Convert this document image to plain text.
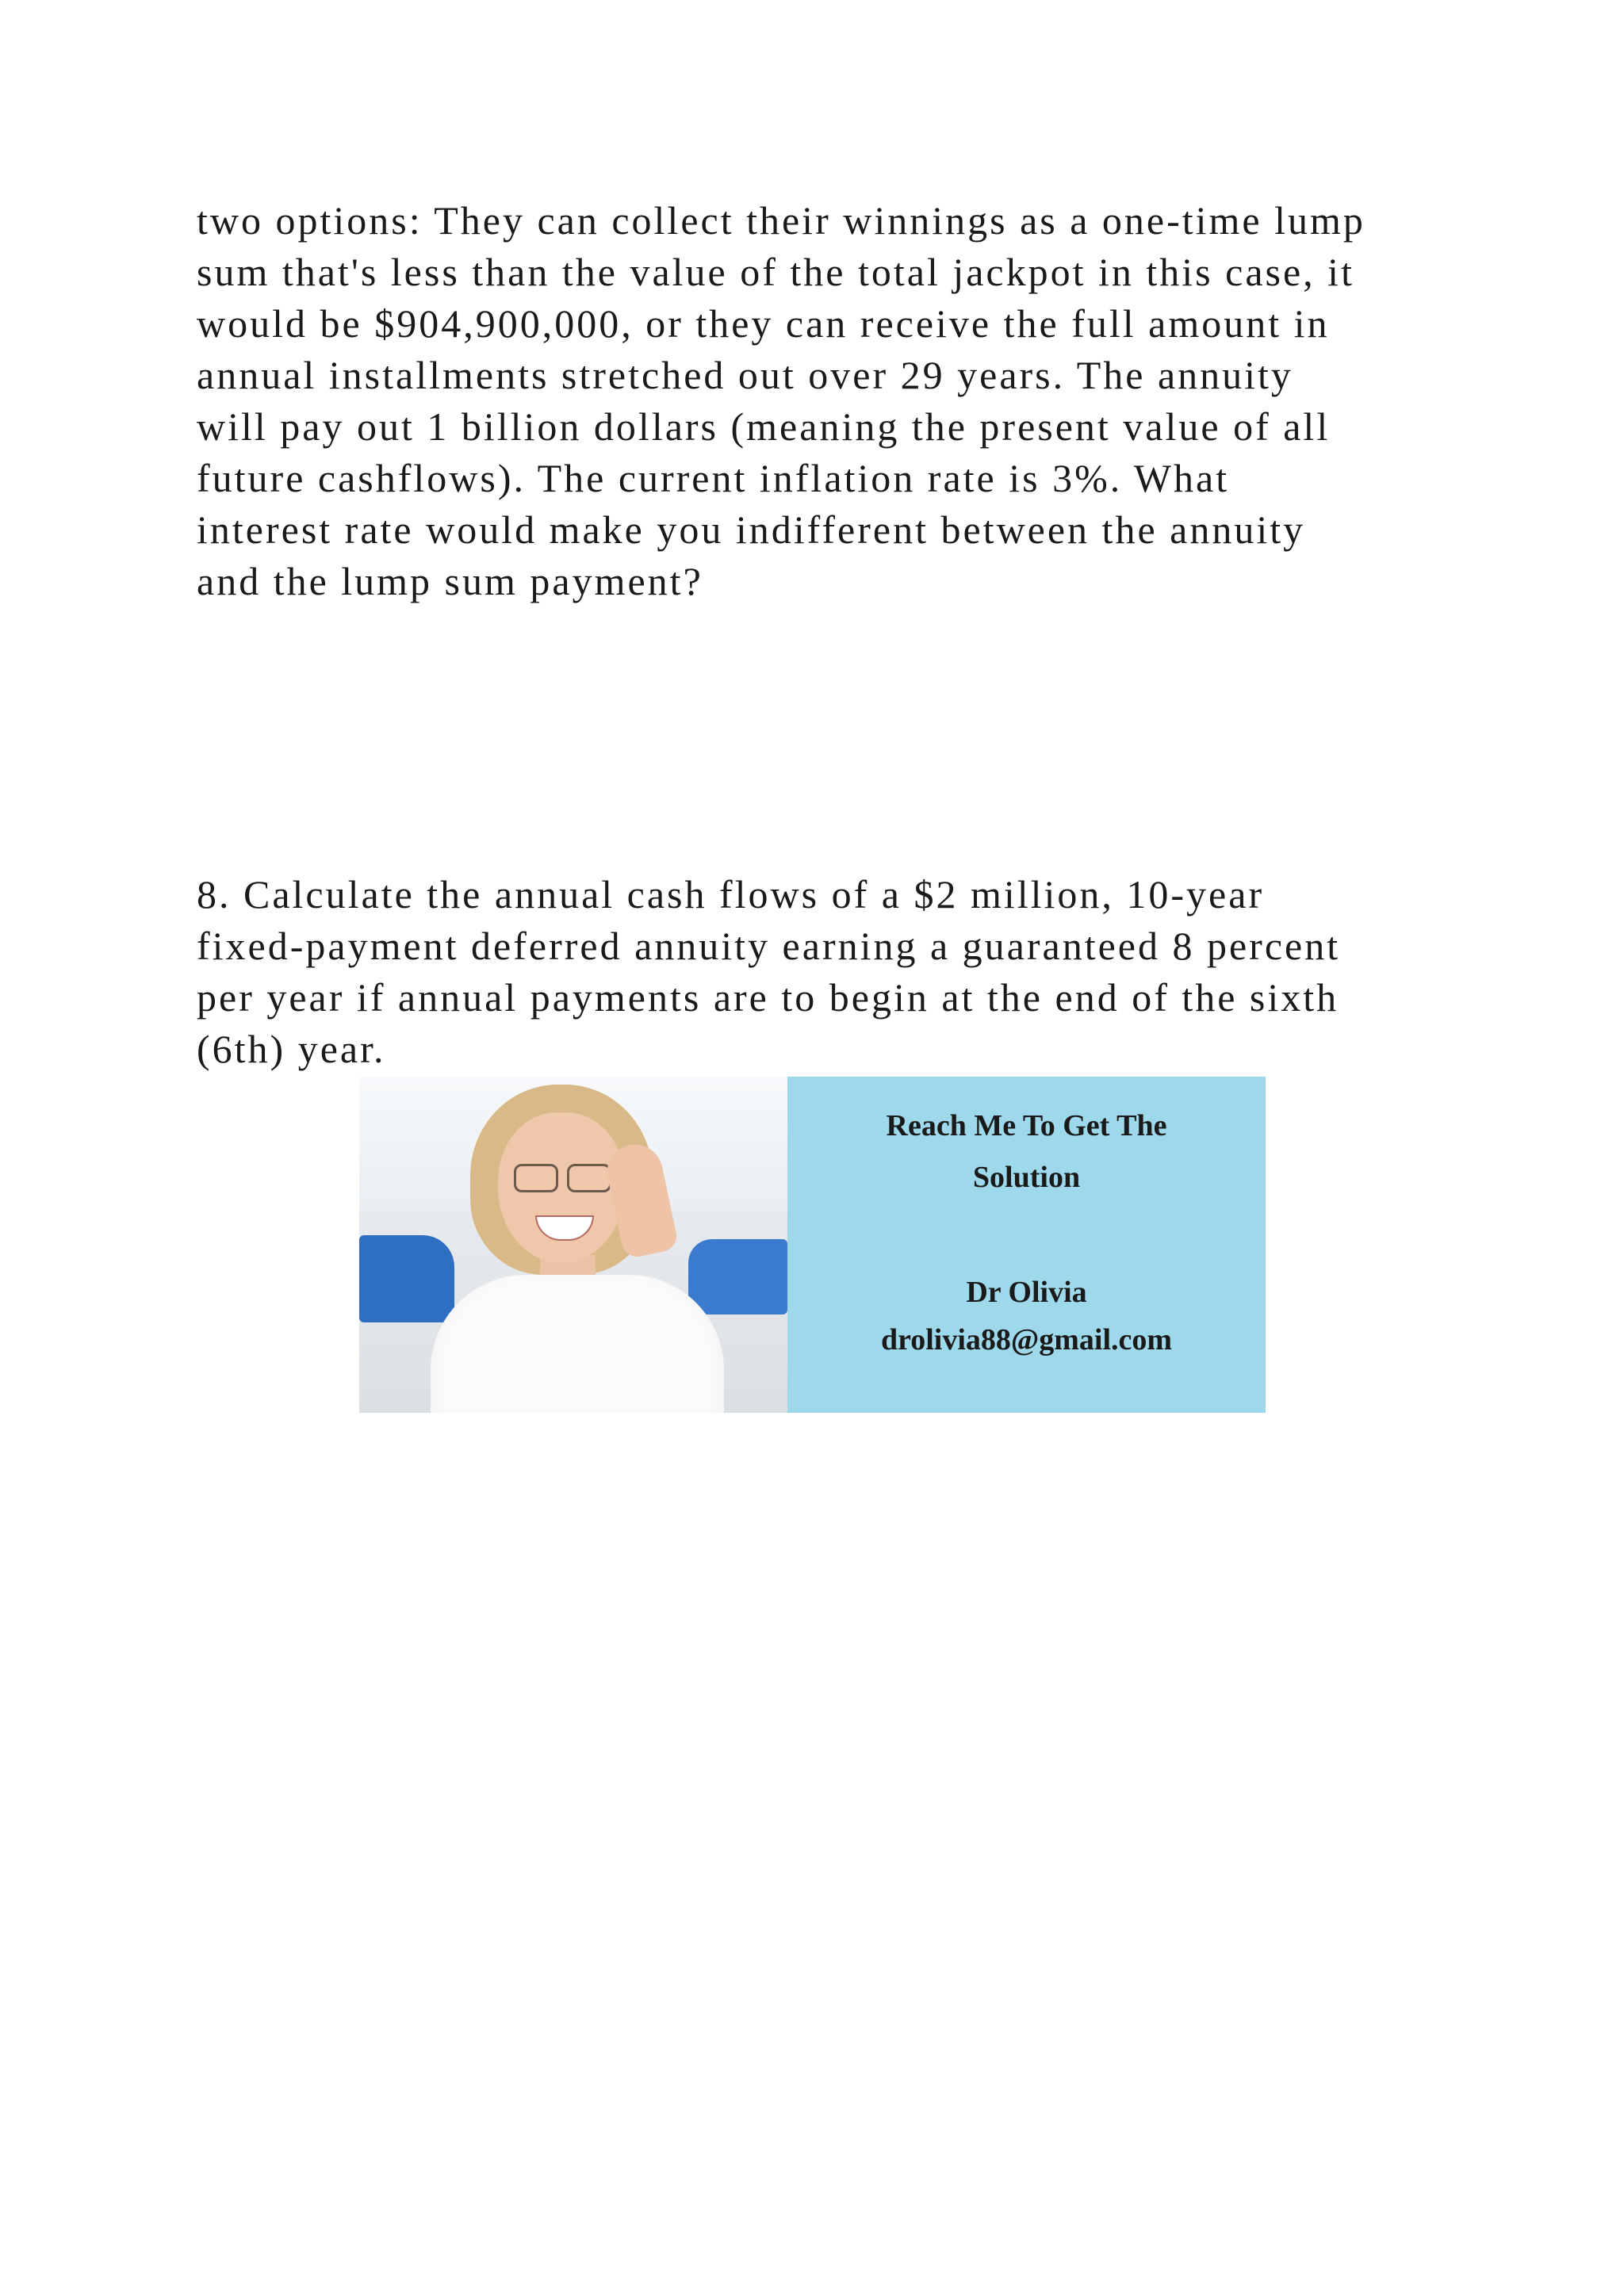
two options: They can collect their winnings as a one-time lump
sum that's less than the value of the total jackpot in this case, it
would be $904,900,000, or they can receive the full amount in
annual installments stretched out over 29 years. The annuity
will pay out 1 billion dollars (meaning the present value of all
future cashflows). The current inflation rate is 3%. What
interest rate would make you indifferent between the annuity
and the lump sum payment?
8. Calculate the annual cash flows of a $2 million, 10-year
fixed-payment deferred annuity earning a guaranteed 8 percent
per year if annual payments are to begin at the end of the sixth
(6th) year.
Reach Me To Get The
Solution
Dr Olivia
drolivia88@gmail.com
